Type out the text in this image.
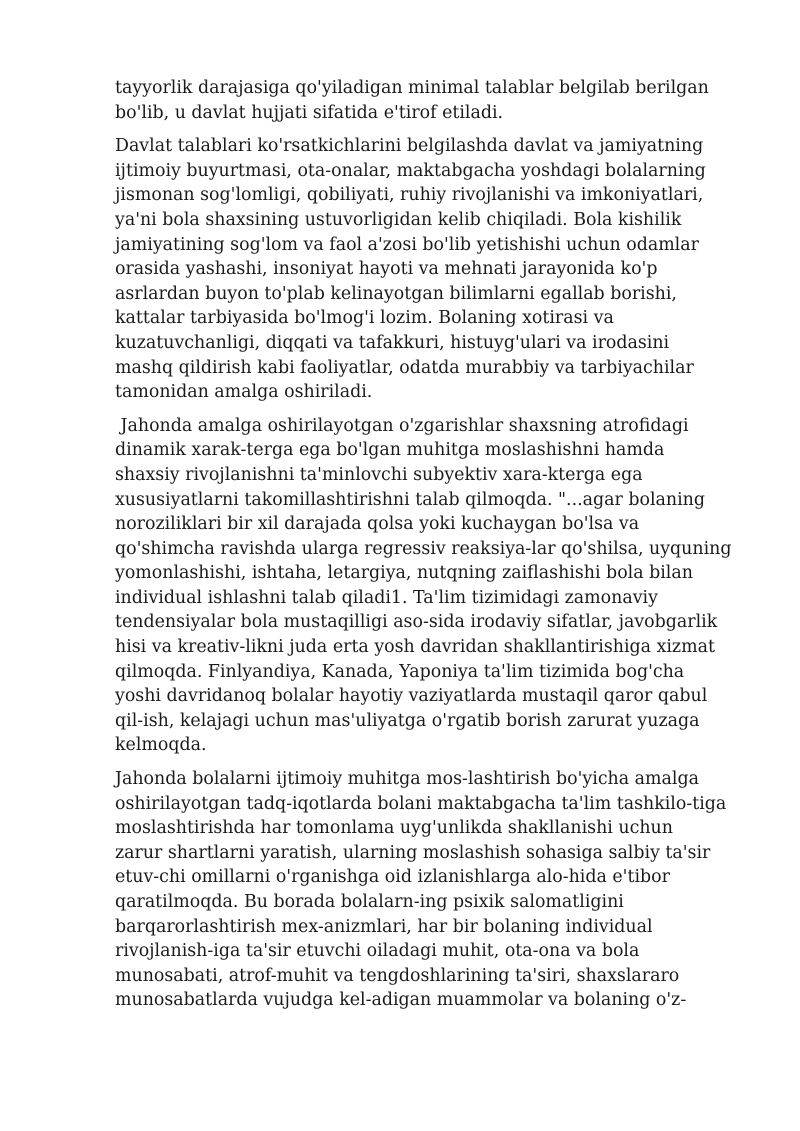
tayyorlik darajasiga qo'yiladigan minimal talablar belgilab berilgan
bo'lib, u davlat hujjati sifatida e'tirof etiladi.
Davlat talablari ko'rsatkichlarini belgilashda davlat va jamiyatning
ijtimoiy buyurtmasi, ota-onalar, maktabgacha yoshdagi bolalarning
jismonan sog'lomligi, qobiliyati, ruhiy rivojlanishi va imkoniyatlari,
ya'ni bola shaxsining ustuvorligidan kelib chiqiladi. Bola kishilik
jamiyatining sog'lom va faol a'zosi bo'lib yetishishi uchun odamlar
orasida yashashi, insoniyat hayoti va mehnati jarayonida ko'p
asrlardan buyon to'plab kelinayotgan bilimlarni egallab borishi,
kattalar tarbiyasida bo'lmog'i lozim. Bolaning xotirasi va
kuzatuvchanligi, diqqati va tafakkuri, histuyg'ulari va irodasini
mashq qildirish kabi faoliyatlar, odatda murabbiy va tarbiyachilar
tamonidan amalga oshiriladi.
Jahonda amalga oshirilayotgan o'zgarishlar shaxsning atrofidagi
dinamik xarak-terga ega bo'lgan muhitga moslashishni hamda
shaxsiy rivojlanishni ta'minlovchi subyektiv xara-kterga ega
xususiyatlarni takomillashtirishni talab qilmoqda. "...agar bolaning
noroziliklari bir xil darajada qolsa yoki kuchaygan bo'lsa va
qo'shimcha ravishda ularga regressiv reaksiya-lar qo'shilsa, uyquning
yomonlashishi, ishtaha, letargiya, nutqning zaiflashishi bola bilan
individual ishlashni talab qiladi1. Ta'lim tizimidagi zamonaviy
tendensiyalar bola mustaqilligi aso-sida irodaviy sifatlar, javobgarlik
hisi va kreativ-likni juda erta yosh davridan shakllantirishiga xizmat
qilmoqda. Finlyandiya, Kanada, Yaponiya ta'lim tizimida bog'cha
yoshi davridanoq bolalar hayotiy vaziyatlarda mustaqil qaror qabul
qil-ish, kelajagi uchun mas'uliyatga o'rgatib borish zarurat yuzaga
kelmoqda.
Jahonda bolalarni ijtimoiy muhitga mos-lashtirish bo'yicha amalga
oshirilayotgan tadq-iqotlarda bolani maktabgacha ta'lim tashkilo-tiga
moslashtirishda har tomonlama uyg'unlikda shakllanishi uchun
zarur shartlarni yaratish, ularning moslashish sohasiga salbiy ta'sir
etuv-chi omillarni o'rganishga oid izlanishlarga alo-hida e'tibor
qaratilmoqda. Bu borada bolalarn-ing psixik salomatligini
barqarorlashtirish mex-anizmlari, har bir bolaning individual
rivojlanish-iga ta'sir etuvchi oiladagi muhit, ota-ona va bola
munosabati, atrof-muhit va tengdoshlarining ta'siri, shaxslararo
munosabatlarda vujudga kel-adigan muammolar va bolaning o'z-
